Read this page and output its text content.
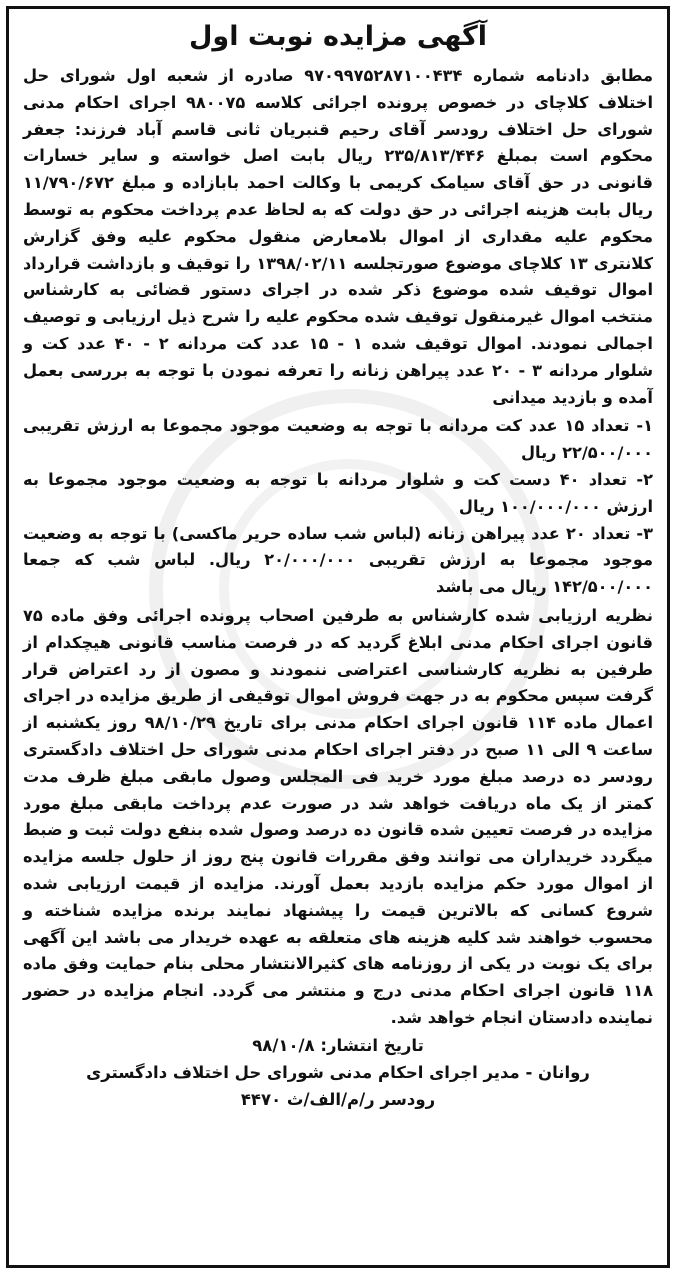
آگهی مزایده نوبت اول

مطابق دادنامه شماره ۹۷۰۹۹۷۵۲۸۷۱۰۰۴۳۴ صادره از شعبه اول شورای حل اختلاف کلاچای در خصوص پرونده اجرائی کلاسه ۹۸۰۰۷۵ اجرای احکام مدنی شورای حل اختلاف رودسر آقای رحیم قنبریان ثانی قاسم آباد فرزند: جعفر محکوم است بمبلغ ۲۳۵/۸۱۳/۴۴۶ ریال بابت اصل خواسته و سایر خسارات قانونی در حق آقای سیامک کریمی با وکالت احمد بابازاده و مبلغ ۱۱/۷۹۰/۶۷۲ ریال بابت هزینه اجرائی در حق دولت که به لحاظ عدم پرداخت محکوم به توسط محکوم علیه مقداری از اموال بلامعارض منقول محکوم علیه وفق گزارش کلانتری ۱۳ کلاچای موضوع صورتجلسه ۱۳۹۸/۰۲/۱۱ را توقیف و بازداشت قرارداد اموال توقیف شده موضوع ذکر شده در اجرای دستور قضائی به کارشناس منتخب اموال غیرمنقول توقیف شده محکوم علیه را شرح ذیل ارزیابی و توصیف اجمالی نمودند. اموال توقیف شده ۱ - ۱۵ عدد کت مردانه ۲ - ۴۰ عدد کت و شلوار مردانه ۳ - ۲۰ عدد پیراهن زنانه را تعرفه نمودن با توجه به بررسی بعمل آمده و بازدید میدانی

۱- تعداد ۱۵ عدد کت مردانه با توجه به وضعیت موجود مجموعا به ارزش تقریبی ۲۲/۵۰۰/۰۰۰ ریال

۲- تعداد ۴۰ دست کت و شلوار مردانه با توجه به وضعیت موجود مجموعا به ارزش ۱۰۰/۰۰۰/۰۰۰ ریال

۳- تعداد ۲۰ عدد پیراهن زنانه (لباس شب ساده حریر ماکسی) با توجه به وضعیت موجود مجموعا به ارزش تقریبی ۲۰/۰۰۰/۰۰۰ ریال. لباس شب که جمعا ۱۴۲/۵۰۰/۰۰۰ ریال می باشد

نظریه ارزیابی شده کارشناس به طرفین اصحاب پرونده اجرائی وفق ماده ۷۵ قانون اجرای احکام مدنی ابلاغ گردید که در فرصت مناسب قانونی هیچکدام از طرفین به نظریه کارشناسی اعتراضی ننمودند و مصون از رد اعتراض قرار گرفت سپس محکوم به در جهت فروش اموال توقیفی از طریق مزایده در اجرای اعمال ماده ۱۱۴ قانون اجرای احکام مدنی برای تاریخ ۹۸/۱۰/۲۹ روز یکشنبه از ساعت ۹ الی ۱۱ صبح در دفتر اجرای احکام مدنی شورای حل اختلاف دادگستری رودسر ده درصد مبلغ مورد خرید فی المجلس وصول مابقی مبلغ ظرف مدت کمتر از یک ماه دریافت خواهد شد در صورت عدم پرداخت مابقی مبلغ مورد مزایده در فرصت تعیین شده قانون ده درصد وصول شده بنفع دولت ثبت و ضبط میگردد خریداران می توانند وفق مقررات قانون پنج روز از حلول جلسه مزایده از اموال مورد حکم مزایده بازدید بعمل آورند. مزایده از قیمت ارزیابی شده شروع کسانی که بالاترین قیمت را پیشنهاد نمایند برنده مزایده شناخته و محسوب خواهند شد کلیه هزینه های متعلقه به عهده خریدار می باشد این آگهی برای یک نوبت در یکی از روزنامه های کثیرالانتشار محلی بنام حمایت وفق ماده ۱۱۸ قانون اجرای احکام مدنی درج و منتشر می گردد. انجام مزایده در حضور نماینده دادستان انجام خواهد شد.

تاریخ انتشار: ۹۸/۱۰/۸

روانان - مدیر اجرای احکام مدنی شورای حل اختلاف دادگستری

رودسر ر/م/الف/ث ۴۴۷۰
